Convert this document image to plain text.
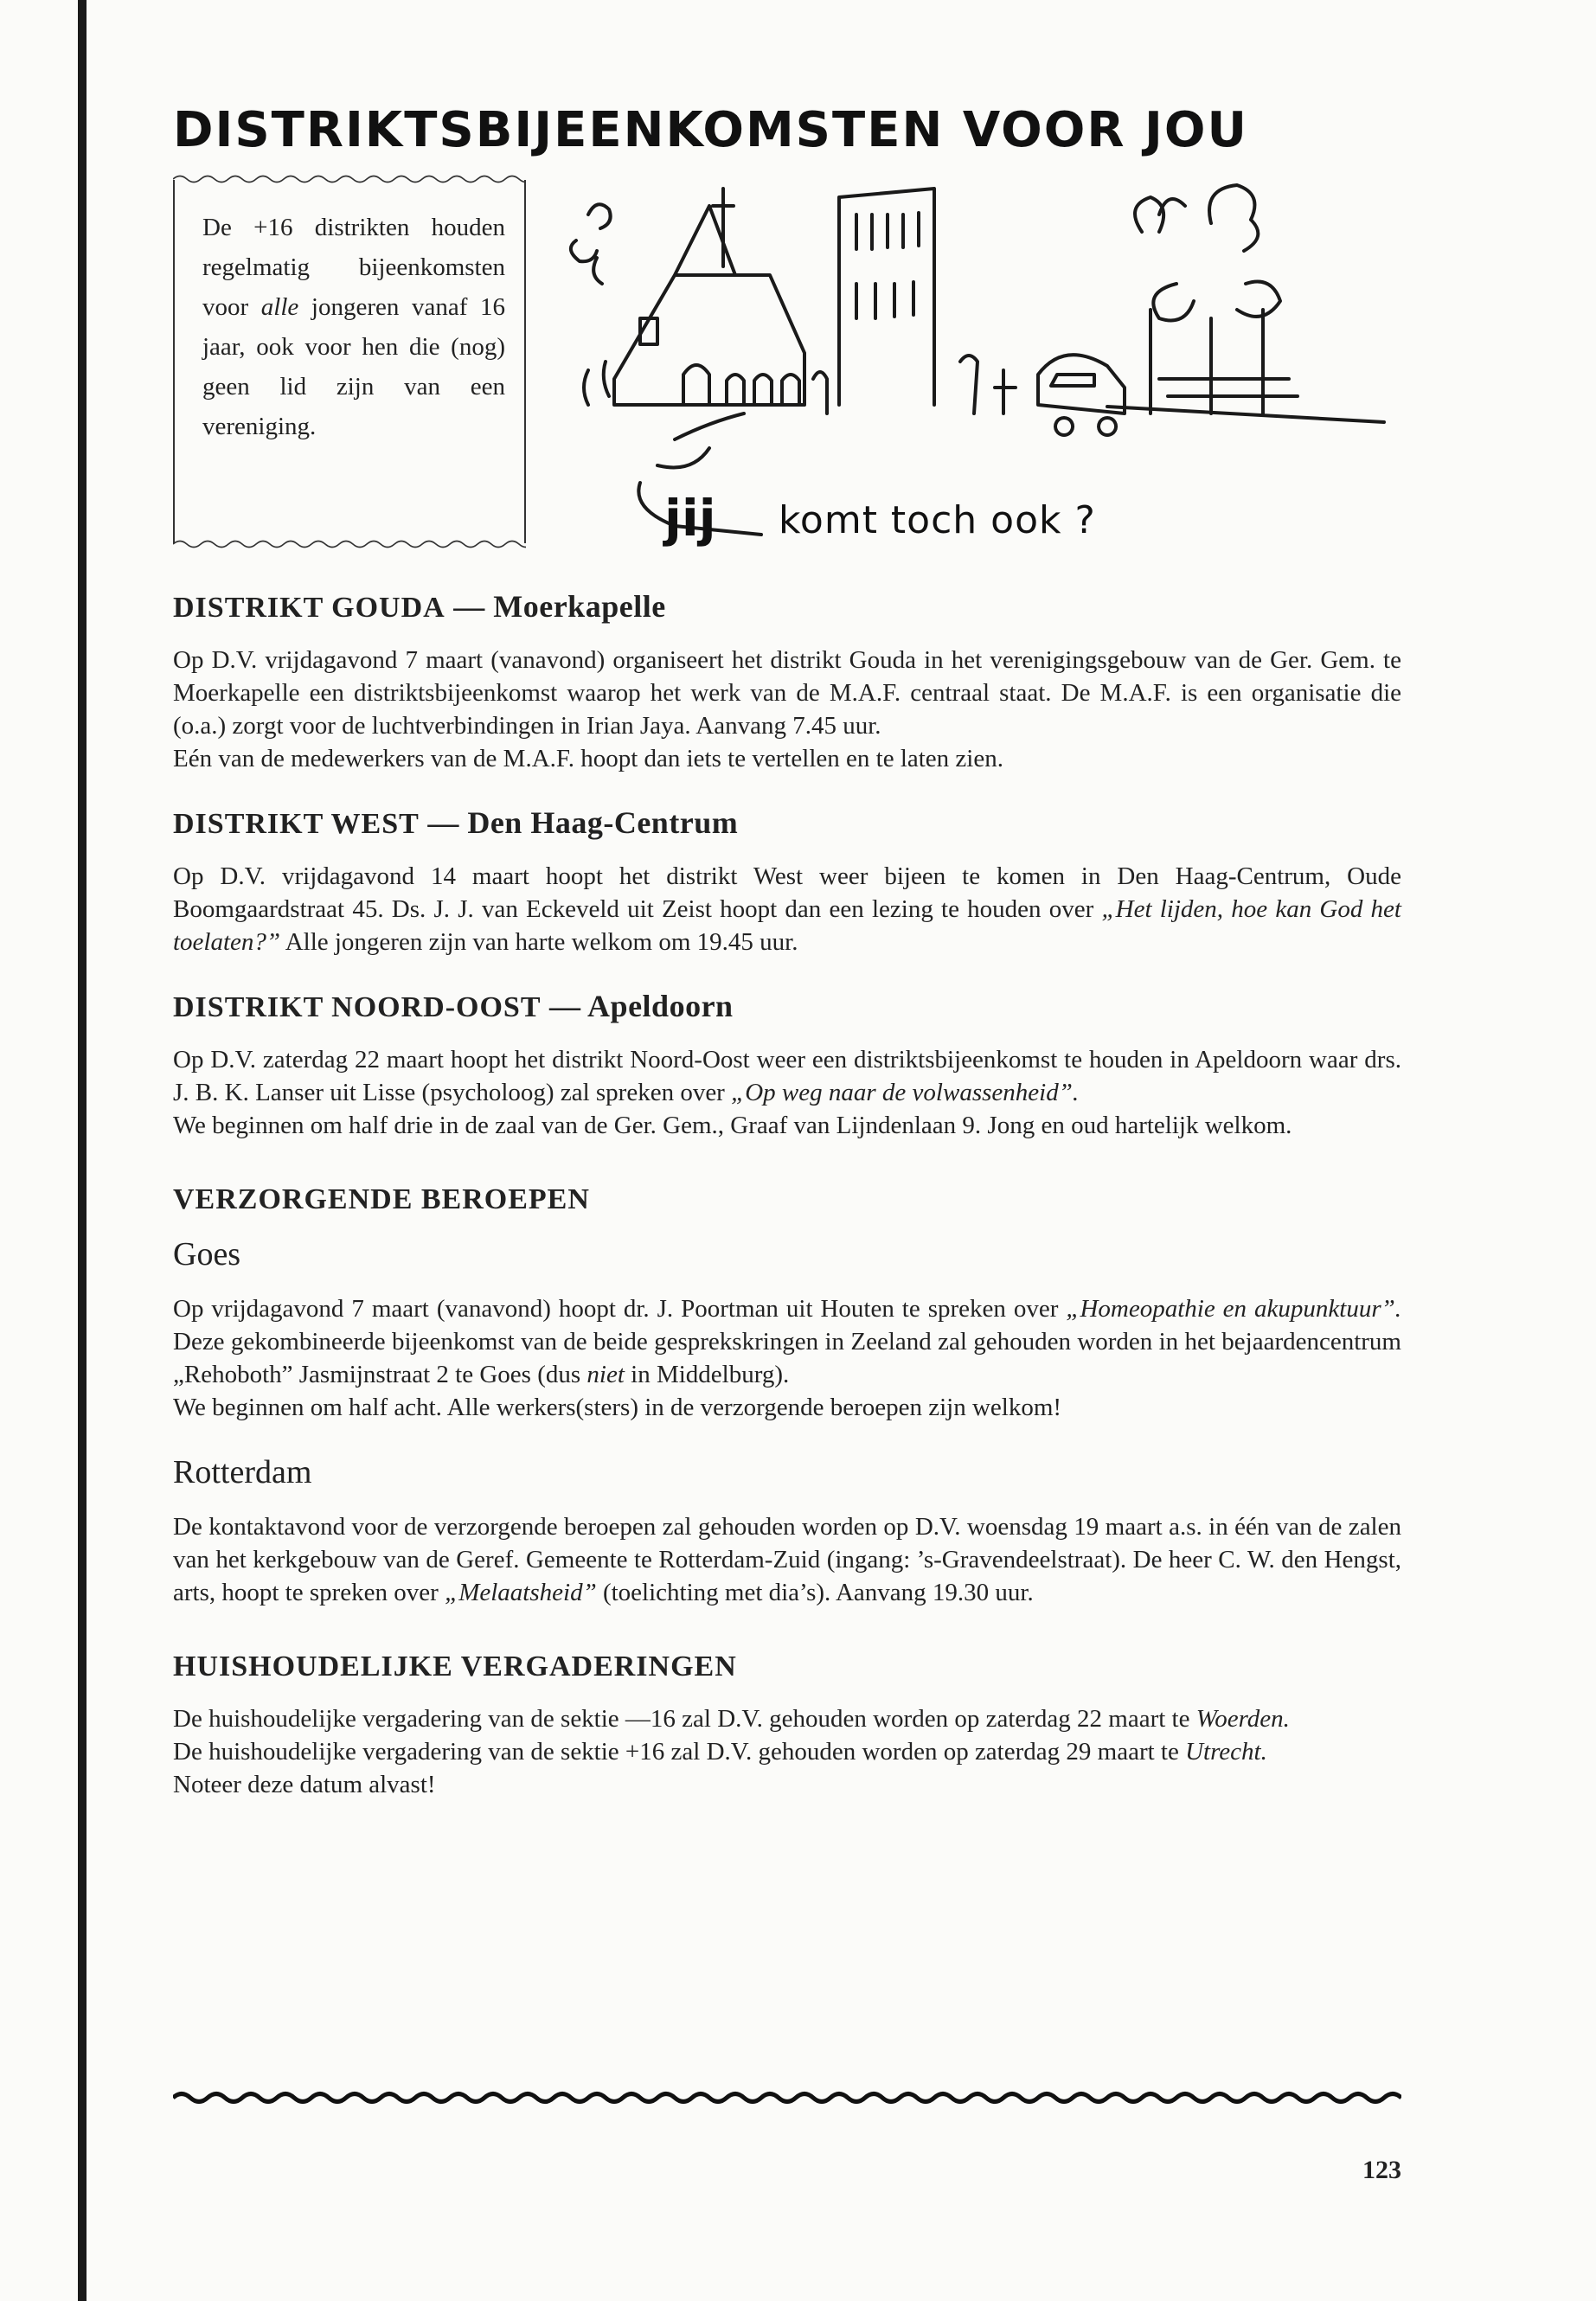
DISTRIKTSBIJEENKOMSTEN VOOR JOU

De +16 distrikten houden regelmatig bijeenkomsten voor alle jongeren vanaf 16 jaar, ook voor hen die (nog) geen lid zijn van een vereniging.

jij komt toch ook ?
DISTRIKT GOUDA — Moerkapelle

Op D.V. vrijdagavond 7 maart (vanavond) organiseert het distrikt Gouda in het verenigingsgebouw van de Ger. Gem. te Moerkapelle een distriktsbijeenkomst waarop het werk van de M.A.F. centraal staat. De M.A.F. is een organisatie die (o.a.) zorgt voor de luchtverbindingen in Irian Jaya. Aanvang 7.45 uur.

Eén van de medewerkers van de M.A.F. hoopt dan iets te vertellen en te laten zien.

DISTRIKT WEST — Den Haag-Centrum

Op D.V. vrijdagavond 14 maart hoopt het distrikt West weer bijeen te komen in Den Haag-Centrum, Oude Boomgaardstraat 45. Ds. J. J. van Eckeveld uit Zeist hoopt dan een lezing te houden over „Het lijden, hoe kan God het toelaten?” Alle jongeren zijn van harte welkom om 19.45 uur.

DISTRIKT NOORD-OOST — Apeldoorn

Op D.V. zaterdag 22 maart hoopt het distrikt Noord-Oost weer een distriktsbijeenkomst te houden in Apeldoorn waar drs. J. B. K. Lanser uit Lisse (psycholoog) zal spreken over „Op weg naar de volwassenheid”.

We beginnen om half drie in de zaal van de Ger. Gem., Graaf van Lijndenlaan 9. Jong en oud hartelijk welkom.

VERZORGENDE BEROEPEN
Goes

Op vrijdagavond 7 maart (vanavond) hoopt dr. J. Poortman uit Houten te spreken over „Homeopathie en akupunktuur”. Deze gekombineerde bijeenkomst van de beide gesprekskringen in Zeeland zal gehouden worden in het bejaardencentrum „Rehoboth” Jasmijnstraat 2 te Goes (dus niet in Middelburg).

We beginnen om half acht. Alle werkers(sters) in de verzorgende beroepen zijn welkom!

Rotterdam

De kontaktavond voor de verzorgende beroepen zal gehouden worden op D.V. woensdag 19 maart a.s. in één van de zalen van het kerkgebouw van de Geref. Gemeente te Rotterdam-Zuid (ingang: ’s-Gravendeelstraat). De heer C. W. den Hengst, arts, hoopt te spreken over „Melaatsheid” (toelichting met dia’s). Aanvang 19.30 uur.

HUISHOUDELIJKE VERGADERINGEN

De huishoudelijke vergadering van de sektie —16 zal D.V. gehouden worden op zaterdag 22 maart te Woerden.

De huishoudelijke vergadering van de sektie +16 zal D.V. gehouden worden op zaterdag 29 maart te Utrecht.

Noteer deze datum alvast!

123
